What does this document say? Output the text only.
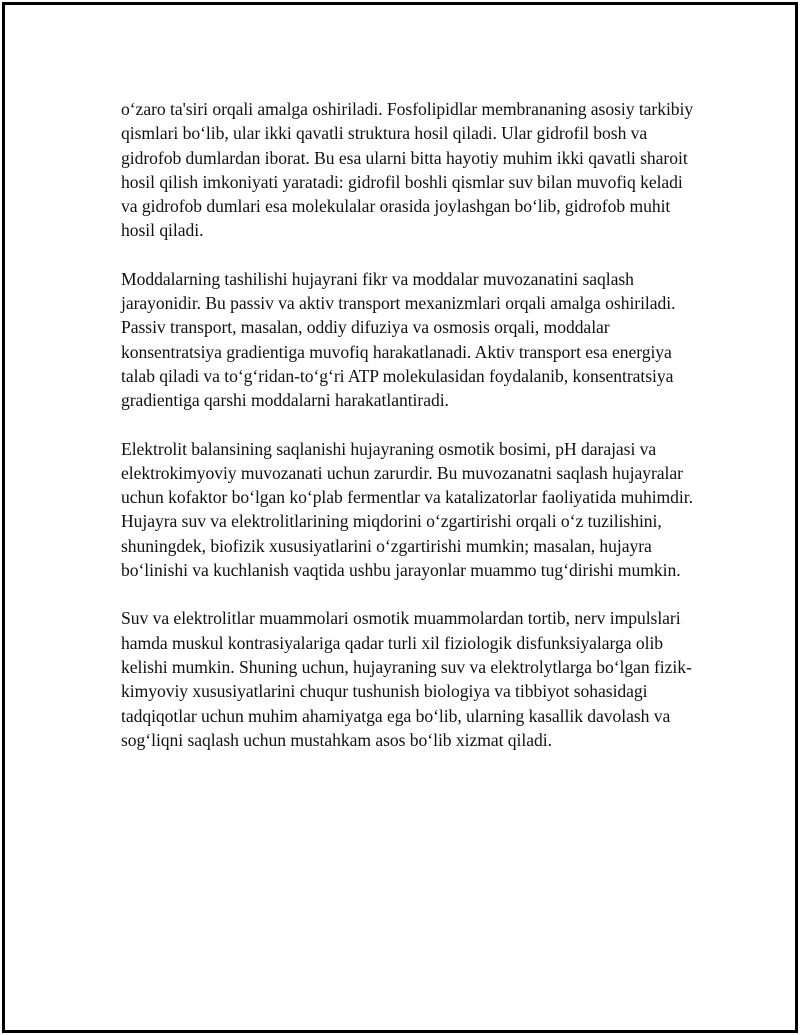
o‘zaro ta'siri orqali amalga oshiriladi. Fosfolipidlar membrananing asosiy tarkibiy qismlari bo‘lib, ular ikki qavatli struktura hosil qiladi. Ular gidrofil bosh va gidrofob dumlardan iborat. Bu esa ularni bitta hayotiy muhim ikki qavatli sharoit hosil qilish imkoniyati yaratadi: gidrofil boshli qismlar suv bilan muvofiq keladi va gidrofob dumlari esa molekulalar orasida joylashgan bo‘lib, gidrofob muhit hosil qiladi.

Moddalarning tashilishi hujayrani fikr va moddalar muvozanatini saqlash jarayonidir. Bu passiv va aktiv transport mexanizmlari orqali amalga oshiriladi. Passiv transport, masalan, oddiy difuziya va osmosis orqali, moddalar konsentratsiya gradientiga muvofiq harakatlanadi. Aktiv transport esa energiya talab qiladi va to‘g‘ridan-to‘g‘ri ATP molekulasidan foydalanib, konsentratsiya gradientiga qarshi moddalarni harakatlantiradi.

Elektrolit balansining saqlanishi hujayraning osmotik bosimi, pH darajasi va elektrokimyoviy muvozanati uchun zarurdir. Bu muvozanatni saqlash hujayralar uchun kofaktor bo‘lgan ko‘plab fermentlar va katalizatorlar faoliyatida muhimdir. Hujayra suv va elektrolitlarining miqdorini o‘zgartirishi orqali o‘z tuzilishini, shuningdek, biofizik xususiyatlarini o‘zgartirishi mumkin; masalan, hujayra bo‘linishi va kuchlanish vaqtida ushbu jarayonlar muammo tug‘dirishi mumkin.

Suv va elektrolitlar muammolari osmotik muammolardan tortib, nerv impulslari hamda muskul kontrasiyalariga qadar turli xil fiziologik disfunksiyalarga olib kelishi mumkin. Shuning uchun, hujayraning suv va elektrolytlarga bo‘lgan fizik-kimyoviy xususiyatlarini chuqur tushunish biologiya va tibbiyot sohasidagi tadqiqotlar uchun muhim ahamiyatga ega bo‘lib, ularning kasallik davolash va sog‘liqni saqlash uchun mustahkam asos bo‘lib xizmat qiladi.
